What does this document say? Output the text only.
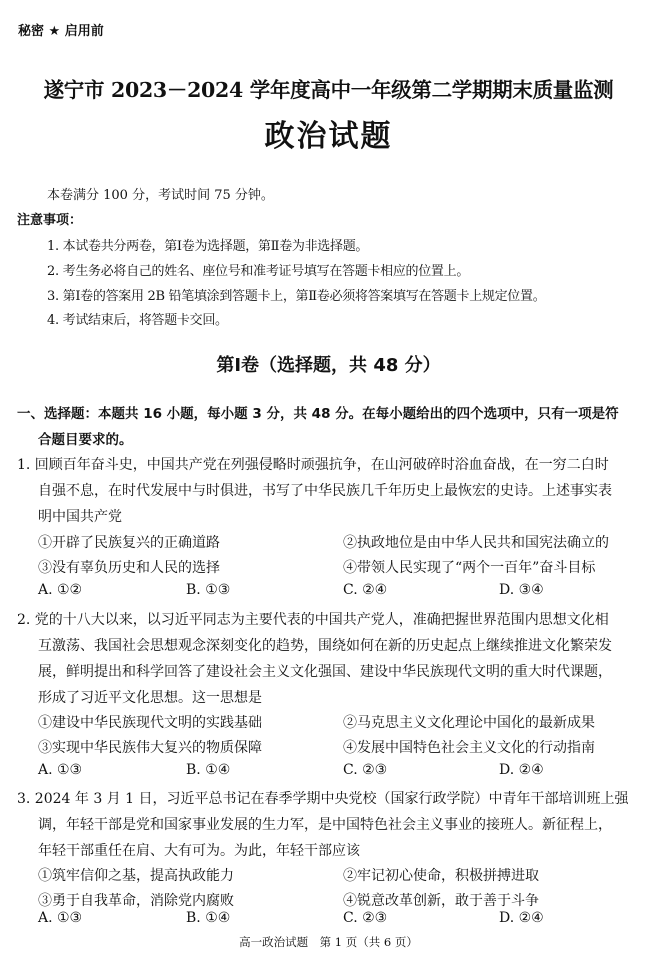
秘密 ★ 启用前
遂宁市 2023－2024 学年度高中一年级第二学期期末质量监测
政治试题
本卷满分 100 分，考试时间 75 分钟。
注意事项：
1. 本试卷共分两卷，第Ⅰ卷为选择题，第Ⅱ卷为非选择题。
2. 考生务必将自己的姓名、座位号和准考证号填写在答题卡相应的位置上。
3. 第Ⅰ卷的答案用 2B 铅笔填涂到答题卡上，第Ⅱ卷必须将答案填写在答题卡上规定位置。
4. 考试结束后，将答题卡交回。
第Ⅰ卷（选择题，共 48 分）
一、选择题：本题共 16 小题，每小题 3 分，共 48 分。在每小题给出的四个选项中，只有一项是符
合题目要求的。
1. 回顾百年奋斗史，中国共产党在列强侵略时顽强抗争，在山河破碎时浴血奋战，在一穷二白时
自强不息，在时代发展中与时俱进，书写了中华民族几千年历史上最恢宏的史诗。上述事实表
明中国共产党
①开辟了民族复兴的正确道路	②执政地位是由中华人民共和国宪法确立的
③没有辜负历史和人民的选择	④带领人民实现了“两个一百年”奋斗目标
A. ①②	B. ①③	C. ②④	D. ③④
2. 党的十八大以来，以习近平同志为主要代表的中国共产党人，准确把握世界范围内思想文化相
互激荡、我国社会思想观念深刻变化的趋势，围绕如何在新的历史起点上继续推进文化繁荣发
展，鲜明提出和科学回答了建设社会主义文化强国、建设中华民族现代文明的重大时代课题，
形成了习近平文化思想。这一思想是
①建设中华民族现代文明的实践基础	②马克思主义文化理论中国化的最新成果
③实现中华民族伟大复兴的物质保障	④发展中国特色社会主义文化的行动指南
A. ①③	B. ①④	C. ②③	D. ②④
3. 2024 年 3 月 1 日，习近平总书记在春季学期中央党校（国家行政学院）中青年干部培训班上强
调，年轻干部是党和国家事业发展的生力军，是中国特色社会主义事业的接班人。新征程上，
年轻干部重任在肩、大有可为。为此，年轻干部应该
①筑牢信仰之基，提高执政能力	②牢记初心使命，积极拼搏进取
③勇于自我革命，消除党内腐败	④锐意改革创新，敢于善于斗争
A. ①③	B. ①④	C. ②③	D. ②④
高一政治试题　第 1 页（共 6 页）
